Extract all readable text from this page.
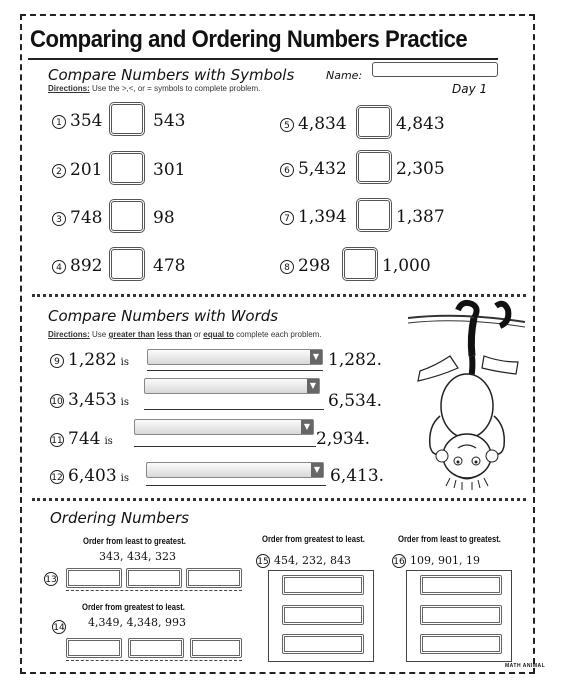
Comparing and Ordering Numbers Practice
Compare Numbers with Symbols
Directions: Use the >,<, or = symbols to complete problem.
Name:
Day 1
1 354	543
2 201	301
3 748	98
4 892	478
5 4,834	4,843
6 5,432	2,305
7 1,394	1,387
8 298	1,000
Compare Numbers with Words
Directions: Use greater than less than or equal to complete each problem.
9 1,282 is
▼ 1,282.
10 3,453 is
▼
6,534.
11 744 is
▼
2,934.
12 6,403 is
▼ 6,413.
Ordering Numbers
Order from least to greatest.
343, 434, 323
13
Order from greatest to least.
4,349, 4,348, 993
14
Order from greatest to least.
15 454, 232, 843
Order from least to greatest.
16 109, 901, 19
MATH ANIMAL
